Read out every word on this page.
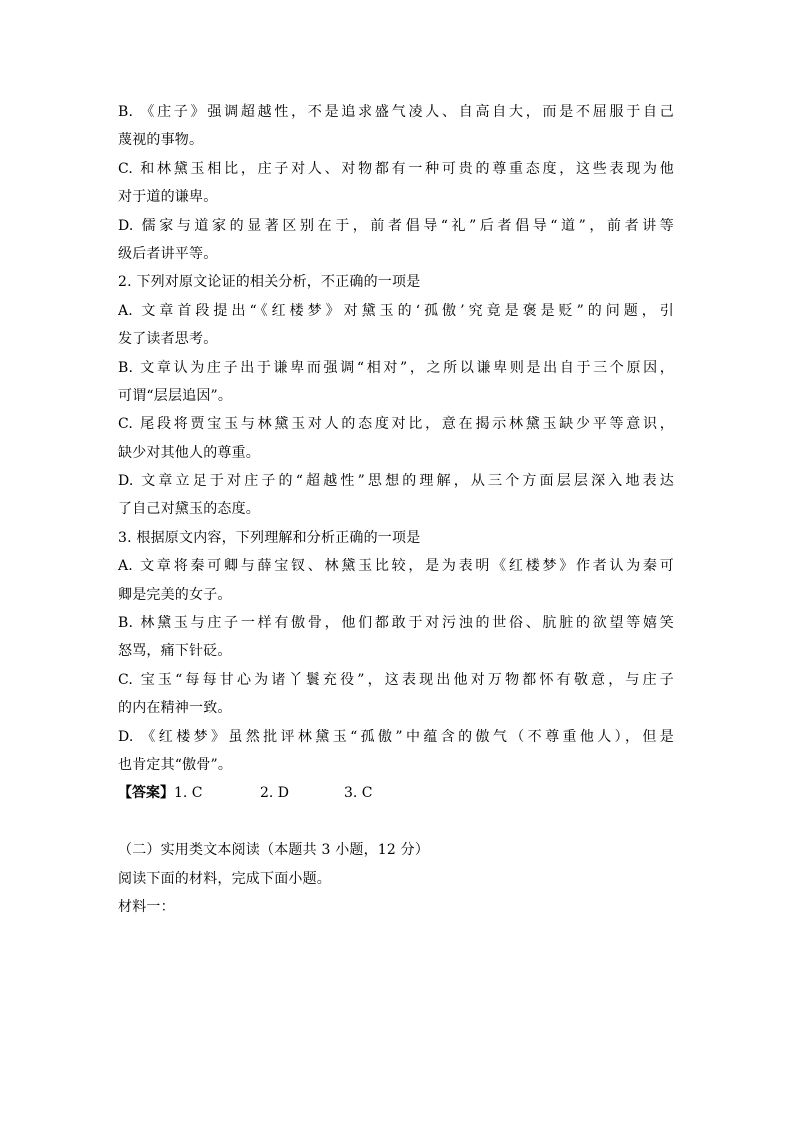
B. 《庄子》强调超越性，不是追求盛气凌人、自高自大，而是不屈服于自己
蔑视的事物。
C. 和林黛玉相比，庄子对人、对物都有一种可贵的尊重态度，这些表现为他
对于道的谦卑。
D. 儒家与道家的显著区别在于，前者倡导“礼”后者倡导“道”，前者讲等
级后者讲平等。
2. 下列对原文论证的相关分析，不正确的一项是
A. 文章首段提出“《红楼梦》对黛玉的‘孤傲’究竟是褒是贬”的问题，引
发了读者思考。
B. 文章认为庄子出于谦卑而强调“相对”，之所以谦卑则是出自于三个原因，
可谓“层层追因”。
C. 尾段将贾宝玉与林黛玉对人的态度对比，意在揭示林黛玉缺少平等意识，
缺少对其他人的尊重。
D. 文章立足于对庄子的“超越性”思想的理解，从三个方面层层深入地表达
了自己对黛玉的态度。
3. 根据原文内容，下列理解和分析正确的一项是
A. 文章将秦可卿与薛宝钗、林黛玉比较，是为表明《红楼梦》作者认为秦可
卿是完美的女子。
B. 林黛玉与庄子一样有傲骨，他们都敢于对污浊的世俗、肮脏的欲望等嬉笑
怒骂，痛下针砭。
C. 宝玉“每每甘心为诸丫鬟充役”，这表现出他对万物都怀有敬意，与庄子
的内在精神一致。
D. 《红楼梦》虽然批评林黛玉“孤傲”中蕴含的傲气（不尊重他人），但是
也肯定其“傲骨”。
【答案】 1. C	2. D	3. C
（二）实用类文本阅读（本题共 3 小题，12 分）
阅读下面的材料，完成下面小题。
材料一：
